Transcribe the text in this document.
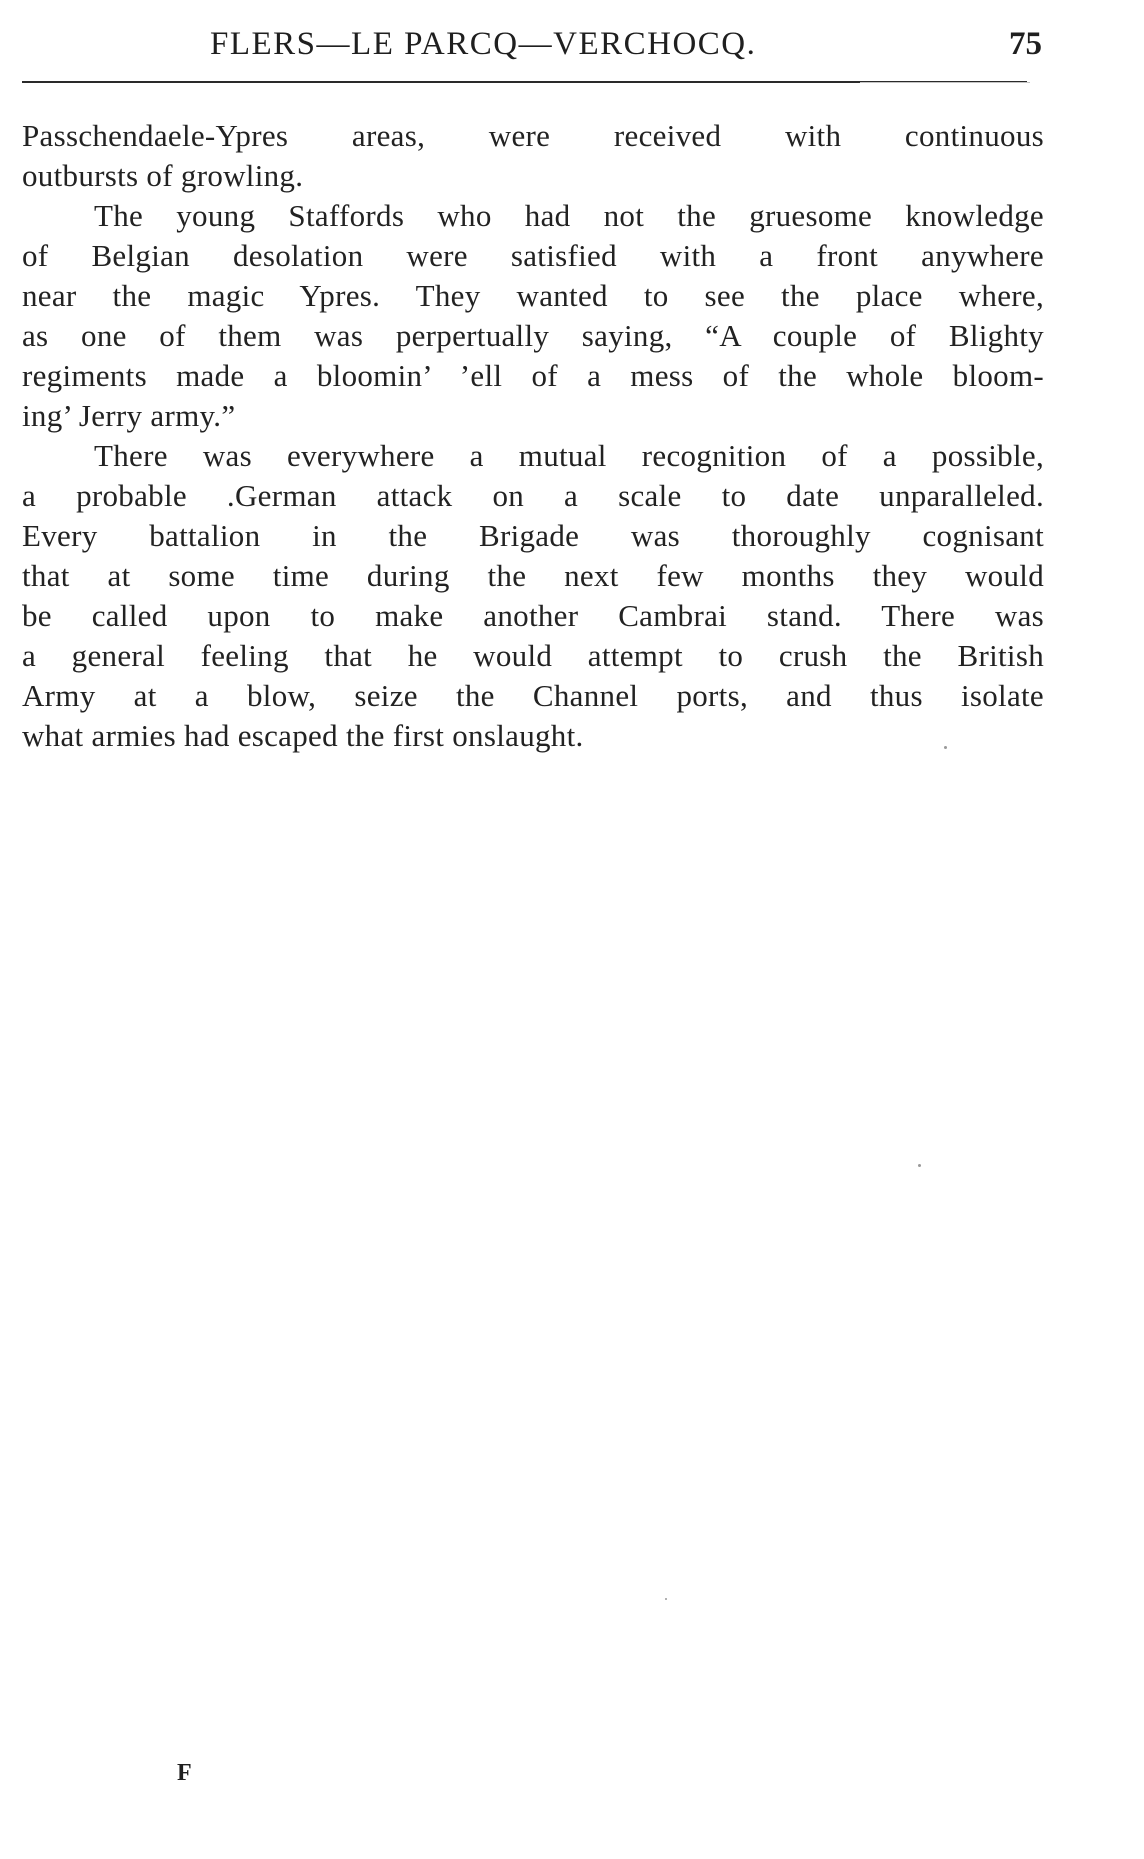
FLERS—LE PARCQ—VERCHOCQ.	75
Passchendaele-Ypres areas, were received with continuous
outbursts of growling.
The young Staffords who had not the gruesome knowledge
of Belgian desolation were satisfied with a front anywhere
near the magic Ypres. They wanted to see the place where,
as one of them was perpertually saying, “A couple of Blighty
regiments made a bloomin’ ’ell of a mess of the whole bloom-
ing’ Jerry army.”
There was everywhere a mutual recognition of a possible,
a probable .German attack on a scale to date unparalleled.
Every battalion in the Brigade was thoroughly cognisant
that at some time during the next few months they would
be called upon to make another Cambrai stand. There was
a general feeling that he would attempt to crush the British
Army at a blow, seize the Channel ports, and thus isolate
what armies had escaped the first onslaught.
F
